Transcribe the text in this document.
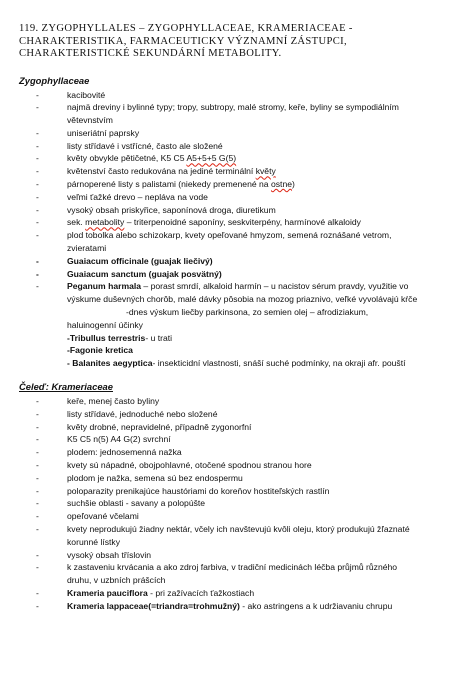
119. ZYGOPHYLLALES – ZYGOPHYLLACEAE, KRAMERIACEAE -
CHARAKTERISTIKA, FARMACEUTICKY VÝZNAMNÍ ZÁSTUPCI,
CHARAKTERISTICKÉ SEKUNDÁRNÍ METABOLITY.
Zygophyllaceae
-	kacibovité
-	najmä dreviny i bylinné typy; tropy, subtropy, malé stromy, keře, byliny se sympodiálním
větevnstvím
-	uniseriátní paprsky
-	listy střídavé i vstřícné, často ale složené
-	květy obvykle pětičetné, K5 C5 A5+5+5 G(5)
-	květenství často redukována na jediné terminální květy
-	párnoperené listy s palistami (niekedy premenené na ostne)
-	veľmi ťažké drevo – nepláva na vode
-	vysoký obsah priskyřice, saponínová droga, diuretikum
-	sek. metabolity – triterpenoidné saponíny, seskviterpény, harmínové alkaloidy
-	plod tobolka alebo schizokarp, kvety opeľované hmyzom, semená roznášané vetrom,
zvieratami
-	Guaiacum officinale (guajak liečivý)
-	Guaiacum sanctum (guajak posvätný)
-	Peganum harmala – porast smrdí, alkaloid harmín – u nacistov sérum pravdy, využitie vo
výskume duševných chorôb, malé dávky pôsobia na mozog priaznivo, veľké vyvolávajú kŕče
-dnes výskum liečby parkinsona, zo semien olej – afrodiziakum,
haluinogenní účinky
-Tribullus terrestris- u trati
-Fagonie kretica
- Balanites aegyptica- insekticidní vlastnosti, snáší suché podmínky, na okraji afr. pouští
Čeleď: Krameriaceae
-	keře, menej často byliny
-	listy střídavé, jednoduché nebo složené
-	květy drobné, nepravidelné, případně zygonorfní
-	K5 C5 n(5) A4 G(2) svrchní
-	plodem: jednosemenná nažka
-	kvety sú nápadné, obojpohlavné, otočené spodnou stranou hore
-	plodom je nažka, semena sú bez endospermu
-	poloparazity prenikajúce haustóriami do koreňov hostiteľských rastlín
-	suchšie oblasti - savany a polopúšte
-	opeľované včelami
-	kvety neprodukujú žiadny nektár, včely ich navštevujú kvôli oleju, ktorý produkujú žľaznaté
korunné lístky
-	vysoký obsah tříslovin
-	k zastaveniu krvácania a ako zdroj farbiva, v tradiční medicinách léčba průjmů různého
druhu, v uzbních prášcích
-	Krameria pauciflora - pri zažívacích ťažkostiach
-	Krameria lappaceae(=triandra=trohmužný) - ako astringens a k udržiavaniu chrupu
